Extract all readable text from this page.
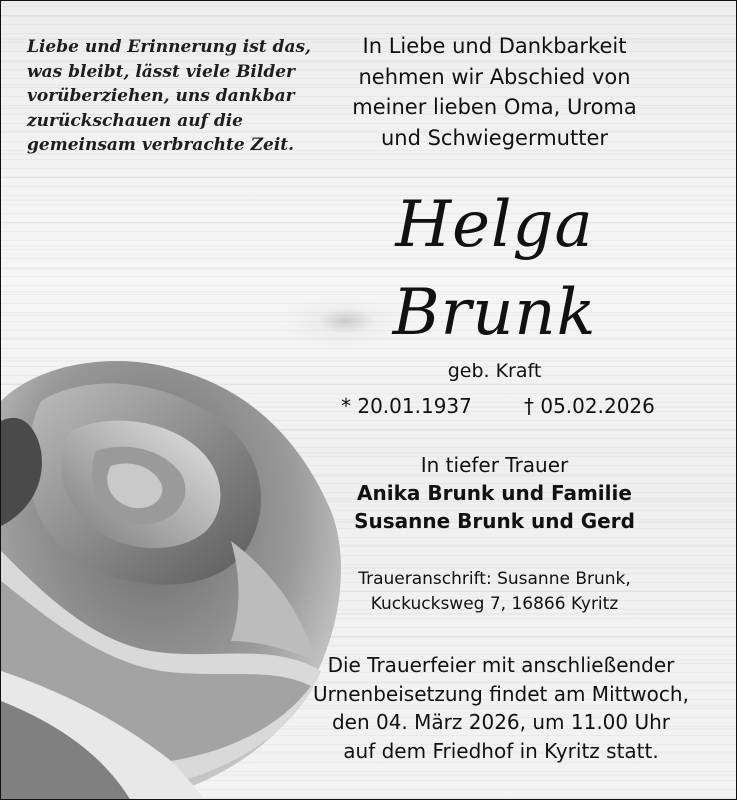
Liebe und Erinnerung ist das,
was bleibt, lässt viele Bilder
vorüberziehen, uns dankbar
zurückschauen auf die
gemeinsam verbrachte Zeit.
In Liebe und Dankbarkeit
nehmen wir Abschied von
meiner lieben Oma, Uroma
und Schwiegermutter
Helga
Brunk
geb. Kraft
* 20.01.1937	† 05.02.2026
In tiefer Trauer
Anika Brunk und Familie
Susanne Brunk und Gerd
Traueranschrift: Susanne Brunk,
Kuckucksweg 7, 16866 Kyritz
Die Trauerfeier mit anschließender
Urnenbeisetzung findet am Mittwoch,
den 04. März 2026, um 11.00 Uhr
auf dem Friedhof in Kyritz statt.
